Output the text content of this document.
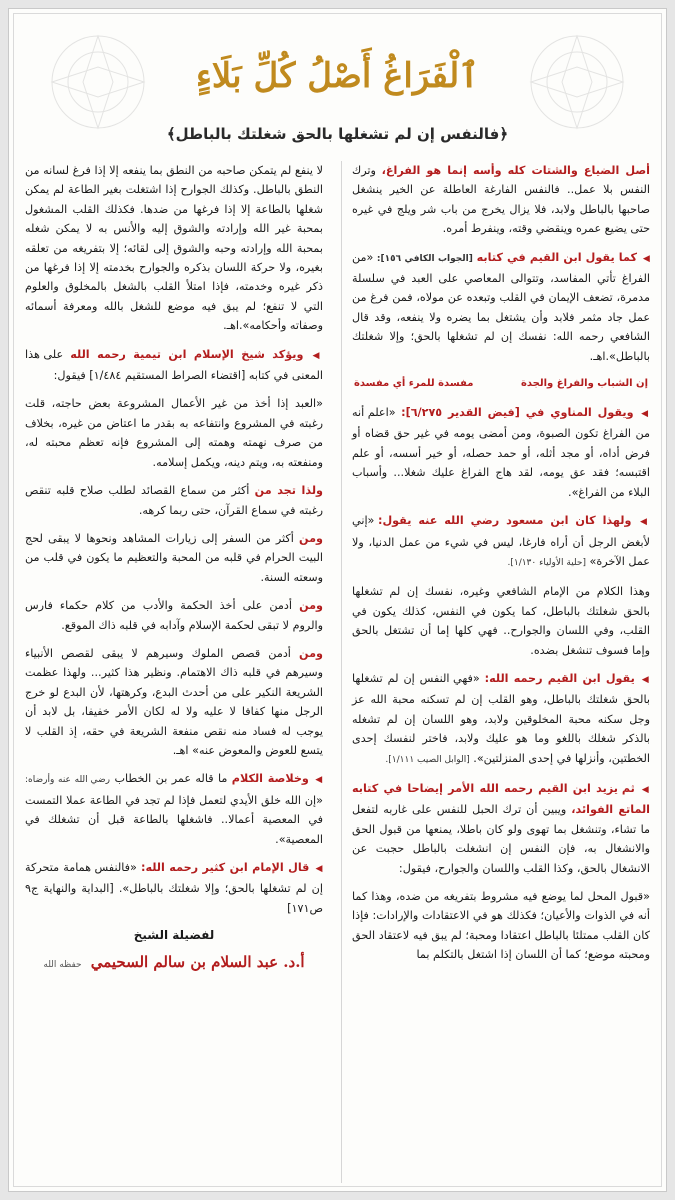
ٱلْفَرَاغُ أَصْلُ كُلِّ بَلَاءٍ
﴿فالنفس إن لم تشغلها بالحق شغلتك بالباطل﴾

أصل الضياع والشتات كله وأسه إنما هو الفراغ، وترك النفس بلا عمل.. فالنفس الفارغة العاطلة عن الخير ينشغل صاحبها بالباطل ولابد، فلا يزال يخرج من باب شر ويلج في غيره حتى يضيع عمره وينقضي وقته، وينفرط أمره.

◀ كما يقول ابن القيم في كتابه [الجواب الكافي ١٥٦]: «من الفراغ تأتي المفاسد، وتتوالى المعاصي على العبد في سلسلة مدمرة، تضعف الإيمان في القلب وتبعده عن مولاه، فمن فرغ من عمل جاد مثمر فلابد وأن يشتغل بما يضره ولا ينفعه، وقد قال الشافعي رحمه الله: نفسك إن لم تشغلها بالحق؛ وإلا شغلتك بالباطل».اهـ.

إن الشباب والفراغ والجدة
مفسدة للمرء أي مفسدة

◀ ويقول المناوي في [فيض القدير ٦/٢٧٥]: «اعلم أنه من الفراغ تكون الصبوة، ومن أمضى يومه في غير حق قضاه أو فرض أداه، أو مجد أثله، أو حمد حصله، أو خير أسسه، أو علم اقتبسه؛ فقد عق يومه، لقد هاج الفراغ عليك شغلا... وأسباب البلاء من الفراغ».

◀ ولهذا كان ابن مسعود رضي الله عنه يقول: «إني لأبغض الرجل أن أراه فارغا، ليس في شيء من عمل الدنيا، ولا عمل الآخرة» [حلية الأولياء ١/١٣٠].

وهذا الكلام من الإمام الشافعي وغيره، نفسك إن لم تشغلها بالحق شغلتك بالباطل، كما يكون في النفس، كذلك يكون في القلب، وفي اللسان والجوارح.. فهي كلها إما أن تشتغل بالحق وإما فسوف تنشغل بضده.

◀ يقول ابن القيم رحمه الله: «فهي النفس إن لم تشغلها بالحق شغلتك بالباطل، وهو القلب إن لم تسكنه محبة الله عز وجل سكنه محبة المخلوقين ولابد، وهو اللسان إن لم تشغله بالذكر شغلك باللغو وما هو عليك ولابد، فاختر لنفسك إحدى الخطتين، وأنزلها في إحدى المنزلتين». [الوابل الصيب ١/١١١].

◀ ثم يزيد ابن القيم رحمه الله الأمر إيضاحا في كتابه الماتع الفوائد، ويبين أن ترك الحبل للنفس على غاربه لتفعل ما تشاء، وتنشغل بما تهوى ولو كان باطلا، يمنعها من قبول الحق والانشغال به، فإن النفس إن انشغلت بالباطل حجبت عن الانشغال بالحق، وكذا القلب واللسان والجوارح، فيقول:

«قبول المحل لما يوضع فيه مشروط بتفريغه من ضده، وهذا كما أنه في الذوات والأعيان؛ فكذلك هو في الاعتقادات والإرادات: فإذا كان القلب ممتلئا بالباطل اعتقادا ومحبة؛ لم يبق فيه لاعتقاد الحق ومحبته موضع؛ كما أن اللسان إذا اشتغل بالتكلم بما

لا ينفع لم يتمكن صاحبه من النطق بما ينفعه إلا إذا فرغ لسانه من النطق بالباطل. وكذلك الجوارح إذا اشتغلت بغير الطاعة لم يمكن شغلها بالطاعة إلا إذا فرغها من ضدها. فكذلك القلب المشغول بمحبة غير الله وإرادته والشوق إليه والأنس به لا يمكن شغله بمحبة الله وإرادته وحبه والشوق إلى لقائه؛ إلا بتفريغه من تعلقه بغيره، ولا حركة اللسان بذكره والجوارح بخدمته إلا إذا فرغها من ذكر غيره وخدمته، فإذا امتلأ القلب بالشغل بالمخلوق والعلوم التي لا تنفع؛ لم يبق فيه موضع للشغل بالله ومعرفة أسمائه وصفاته وأحكامه».اهـ.

◀ ويؤكد شيخ الإسلام ابن تيمية رحمه الله على هذا المعنى في كتابه [اقتضاء الصراط المستقيم ١/٤٨٤] فيقول:

«العبد إذا أخذ من غير الأعمال المشروعة بعض حاجته، قلت رغبته في المشروع وانتفاعه به بقدر ما اعتاض من غيره، بخلاف من صرف نهمته وهمته إلى المشروع فإنه تعظم محبته له، ومنفعته به، ويتم دينه، ويكمل إسلامه.

ولذا تجد من أكثر من سماع القصائد لطلب صلاح قلبه تنقص رغبته في سماع القرآن، حتى ربما كرهه.

ومن أكثر من السفر إلى زيارات المشاهد ونحوها لا يبقى لحج البيت الحرام في قلبه من المحبة والتعظيم ما يكون في قلب من وسعته السنة.

ومن أدمن على أخذ الحكمة والأدب من كلام حكماء فارس والروم لا تبقى لحكمة الإسلام وآدابه في قلبه ذاك الموقع.

ومن أدمن قصص الملوك وسيرهم لا يبقى لقصص الأنبياء وسيرهم في قلبه ذاك الاهتمام. ونظير هذا كثير... ولهذا عظمت الشريعة النكير على من أحدث البدع، وكرهتها، لأن البدع لو خرج الرجل منها كفافا لا عليه ولا له لكان الأمر خفيفا، بل لابد أن يوجب له فساد منه نقص منفعة الشريعة في حقه، إذ القلب لا يتسع للعوض والمعوض عنه» اهـ.

◀ وخلاصة الكلام ما قاله عمر بن الخطاب رضي الله عنه وأرضاه: «إن الله خلق الأيدي لتعمل فإذا لم تجد في الطاعة عملا التمست في المعصية أعمالا.. فاشغلها بالطاعة قبل أن تشغلك في المعصية».

◀ قال الإمام ابن كثير رحمه الله: «فالنفس همامة متحركة إن لم تشغلها بالحق؛ وإلا شغلتك بالباطل». [البداية والنهاية ج٩ ص١٧١]

لفضيلة الشيخ
أ.د. عبد السلام بن سالم السحيمي حفظه الله
